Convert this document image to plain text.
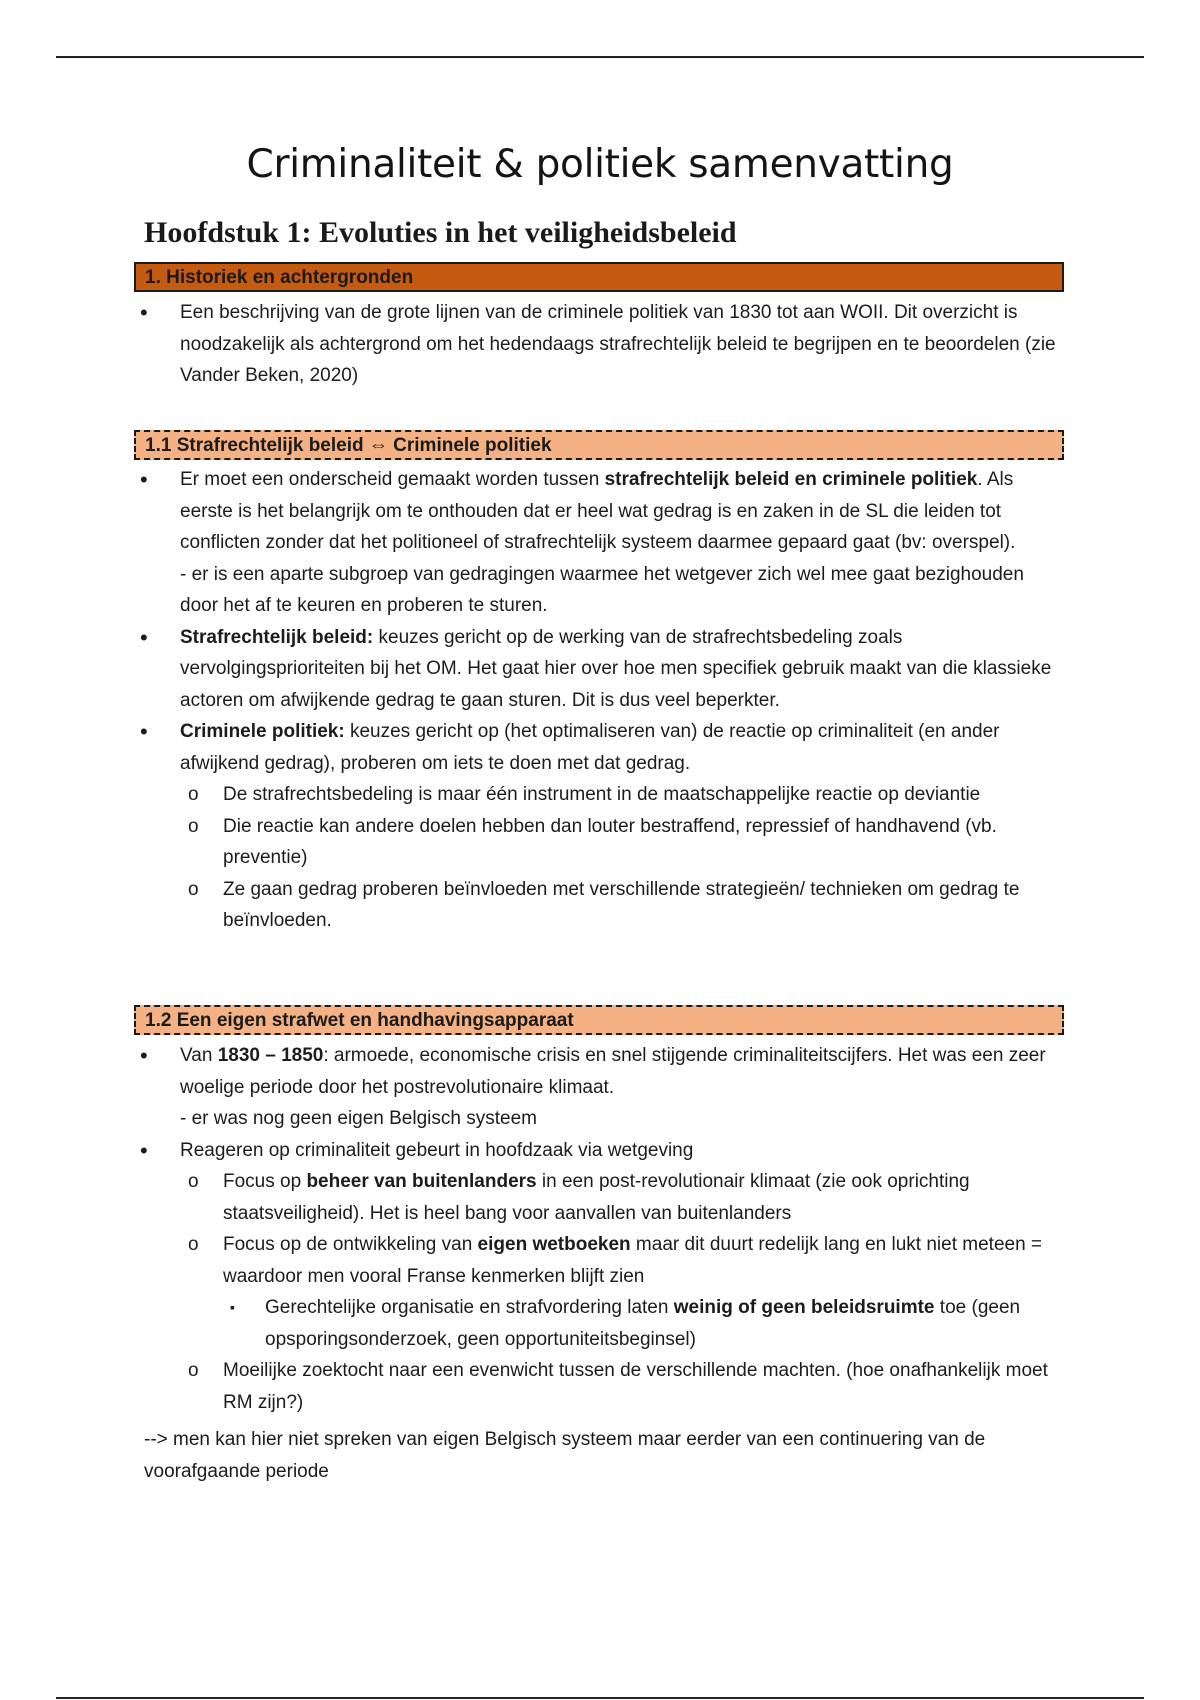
Criminaliteit & politiek samenvatting
Hoofdstuk 1: Evoluties in het veiligheidsbeleid
1. Historiek en achtergronden
• Een beschrijving van de grote lijnen van de criminele politiek van 1830 tot aan WOII. Dit overzicht is noodzakelijk als achtergrond om het hedendaags strafrechtelijk beleid te begrijpen en te beoordelen (zie Vander Beken, 2020)
1.1 Strafrechtelijk beleid ⇔ Criminele politiek
• Er moet een onderscheid gemaakt worden tussen strafrechtelijk beleid en criminele politiek. Als eerste is het belangrijk om te onthouden dat er heel wat gedrag is en zaken in de SL die leiden tot conflicten zonder dat het politioneel of strafrechtelijk systeem daarmee gepaard gaat (bv: overspel).
- er is een aparte subgroep van gedragingen waarmee het wetgever zich wel mee gaat bezighouden door het af te keuren en proberen te sturen.
• Strafrechtelijk beleid: keuzes gericht op de werking van de strafrechtsbedeling zoals vervolgingsprioriteiten bij het OM. Het gaat hier over hoe men specifiek gebruik maakt van die klassieke actoren om afwijkende gedrag te gaan sturen. Dit is dus veel beperkter.
• Criminele politiek: keuzes gericht op (het optimaliseren van) de reactie op criminaliteit (en ander afwijkend gedrag), proberen om iets te doen met dat gedrag.
o De strafrechtsbedeling is maar één instrument in de maatschappelijke reactie op deviantie
o Die reactie kan andere doelen hebben dan louter bestraffend, repressief of handhavend (vb. preventie)
o Ze gaan gedrag proberen beïnvloeden met verschillende strategieën/ technieken om gedrag te beïnvloeden.
1.2 Een eigen strafwet en handhavingsapparaat
• Van 1830 – 1850: armoede, economische crisis en snel stijgende criminaliteitscijfers. Het was een zeer woelige periode door het postrevolutionaire klimaat.
- er was nog geen eigen Belgisch systeem
• Reageren op criminaliteit gebeurt in hoofdzaak via wetgeving
o Focus op beheer van buitenlanders in een post-revolutionair klimaat (zie ook oprichting staatsveiligheid). Het is heel bang voor aanvallen van buitenlanders
o Focus op de ontwikkeling van eigen wetboeken maar dit duurt redelijk lang en lukt niet meteen = waardoor men vooral Franse kenmerken blijft zien
▪ Gerechtelijke organisatie en strafvordering laten weinig of geen beleidsruimte toe (geen opsporingsonderzoek, geen opportuniteitsbeginsel)
o Moeilijke zoektocht naar een evenwicht tussen de verschillende machten. (hoe onafhankelijk moet RM zijn?)
--> men kan hier niet spreken van eigen Belgisch systeem maar eerder van een continuering van de voorafgaande periode
